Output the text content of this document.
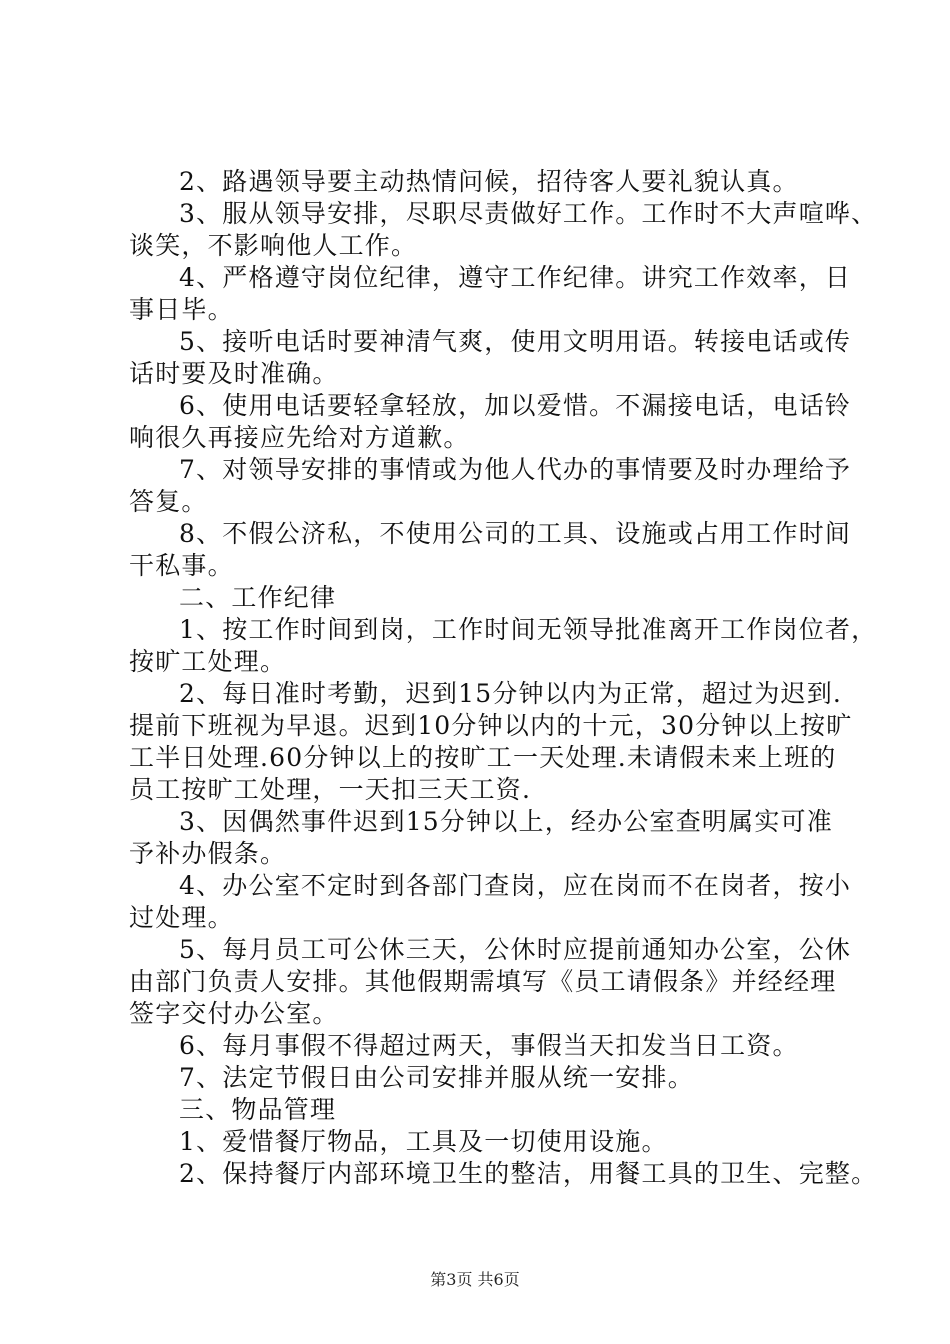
2、路遇领导要主动热情问候，招待客人要礼貌认真。

3、服从领导安排，尽职尽责做好工作。工作时不大声喧哗、

谈笑，不影响他人工作。

4、严格遵守岗位纪律，遵守工作纪律。讲究工作效率，日

事日毕。

5、接听电话时要神清气爽，使用文明用语。转接电话或传

话时要及时准确。

6、使用电话要轻拿轻放，加以爱惜。不漏接电话，电话铃

响很久再接应先给对方道歉。

7、对领导安排的事情或为他人代办的事情要及时办理给予

答复。

8、不假公济私，不使用公司的工具、设施或占用工作时间

干私事。

二、工作纪律

1、按工作时间到岗，工作时间无领导批准离开工作岗位者，

按旷工处理。

2、每日准时考勤，迟到15分钟以内为正常，超过为迟到.

提前下班视为早退。迟到10分钟以内的十元，30分钟以上按旷

工半日处理.60分钟以上的按旷工一天处理.未请假未来上班的

员工按旷工处理，一天扣三天工资.

3、因偶然事件迟到15分钟以上，经办公室查明属实可准

予补办假条。

4、办公室不定时到各部门查岗，应在岗而不在岗者，按小

过处理。

5、每月员工可公休三天，公休时应提前通知办公室，公休

由部门负责人安排。其他假期需填写《员工请假条》并经经理

签字交付办公室。

6、每月事假不得超过两天，事假当天扣发当日工资。

7、法定节假日由公司安排并服从统一安排。

三、物品管理

1、爱惜餐厅物品，工具及一切使用设施。

2、保持餐厅内部环境卫生的整洁，用餐工具的卫生、完整。

第3页 共6页
